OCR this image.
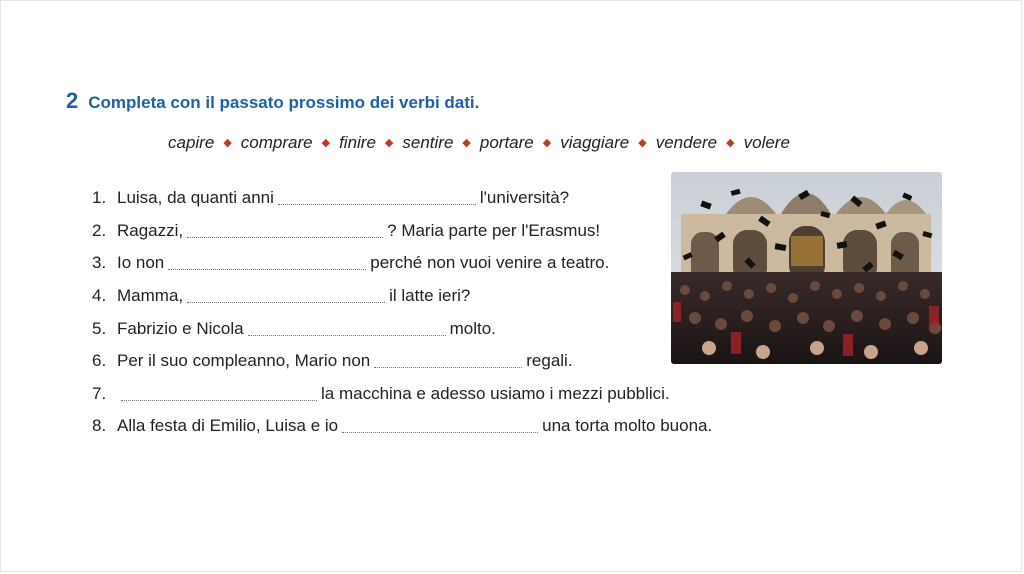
2 Completa con il passato prossimo dei verbi dati.
capire ◆ comprare ◆ finire ◆ sentire ◆ portare ◆ viaggiare ◆ vendere ◆ volere
1. Luisa, da quanti anni	l'università?
2. Ragazzi,	? Maria parte per l'Erasmus!
3. Io non	perché non vuoi venire a teatro.
4. Mamma,	il latte ieri?
5. Fabrizio e Nicola	molto.
6. Per il suo compleanno, Mario non	regali.
7.	la macchina e adesso usiamo i mezzi pubblici.
8. Alla festa di Emilio, Luisa e io	una torta molto buona.
